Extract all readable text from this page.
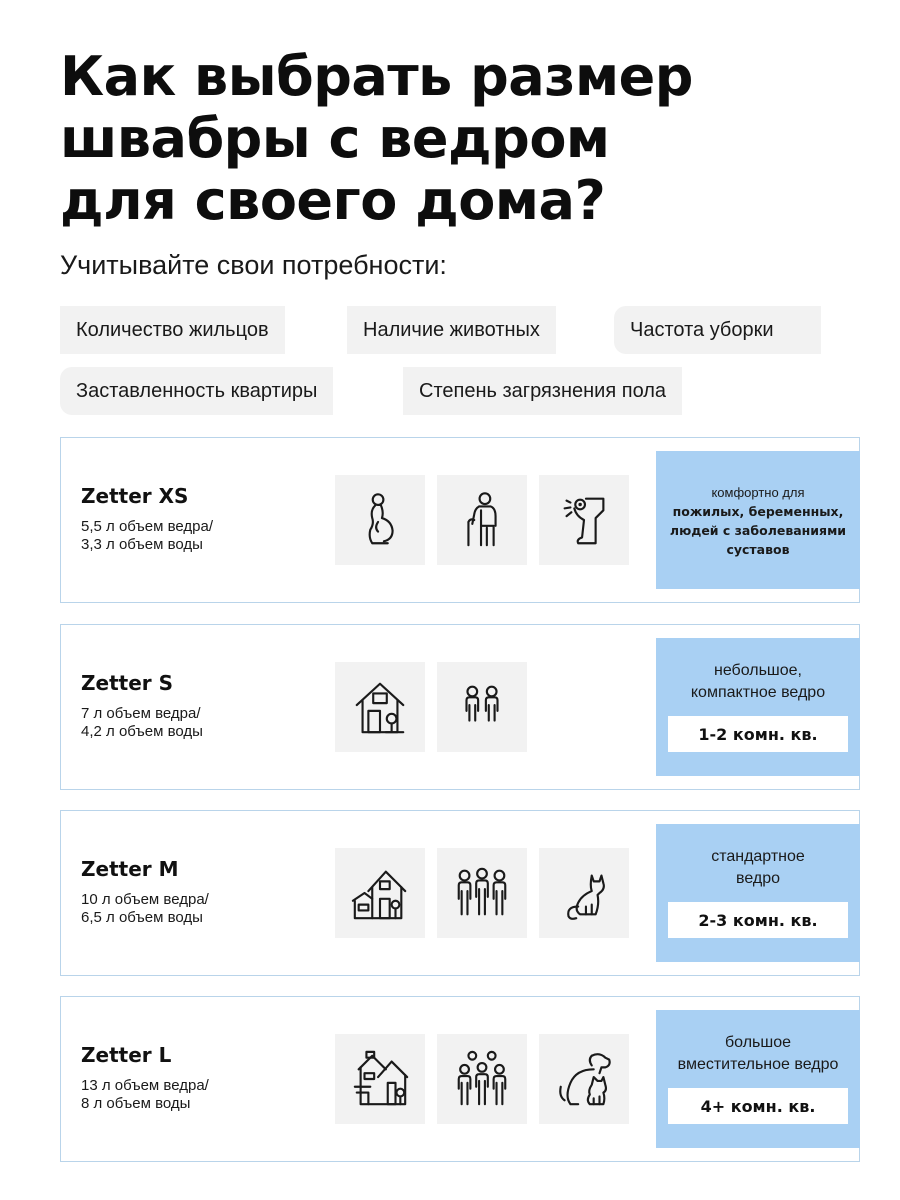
Как выбрать размер
швабры с ведром
для своего дома?
Учитывайте свои потребности:
Количество жильцов	Наличие животных	Частота уборки
Заставленность квартиры	Степень загрязнения пола
Zetter XS
5,5 л объем ведра/
3,3 л объем воды
комфортно для
пожилых, беременных,
людей с заболеваниями
суставов
Zetter S
7 л объем ведра/
4,2 л объем воды
небольшое,
компактное ведро
1-2 комн. кв.
Zetter M
10 л объем ведра/
6,5 л объем воды
стандартное
ведро
2-3 комн. кв.
Zetter L
13 л объем ведра/
8 л объем воды
большое
вместительное ведро
4+ комн. кв.
